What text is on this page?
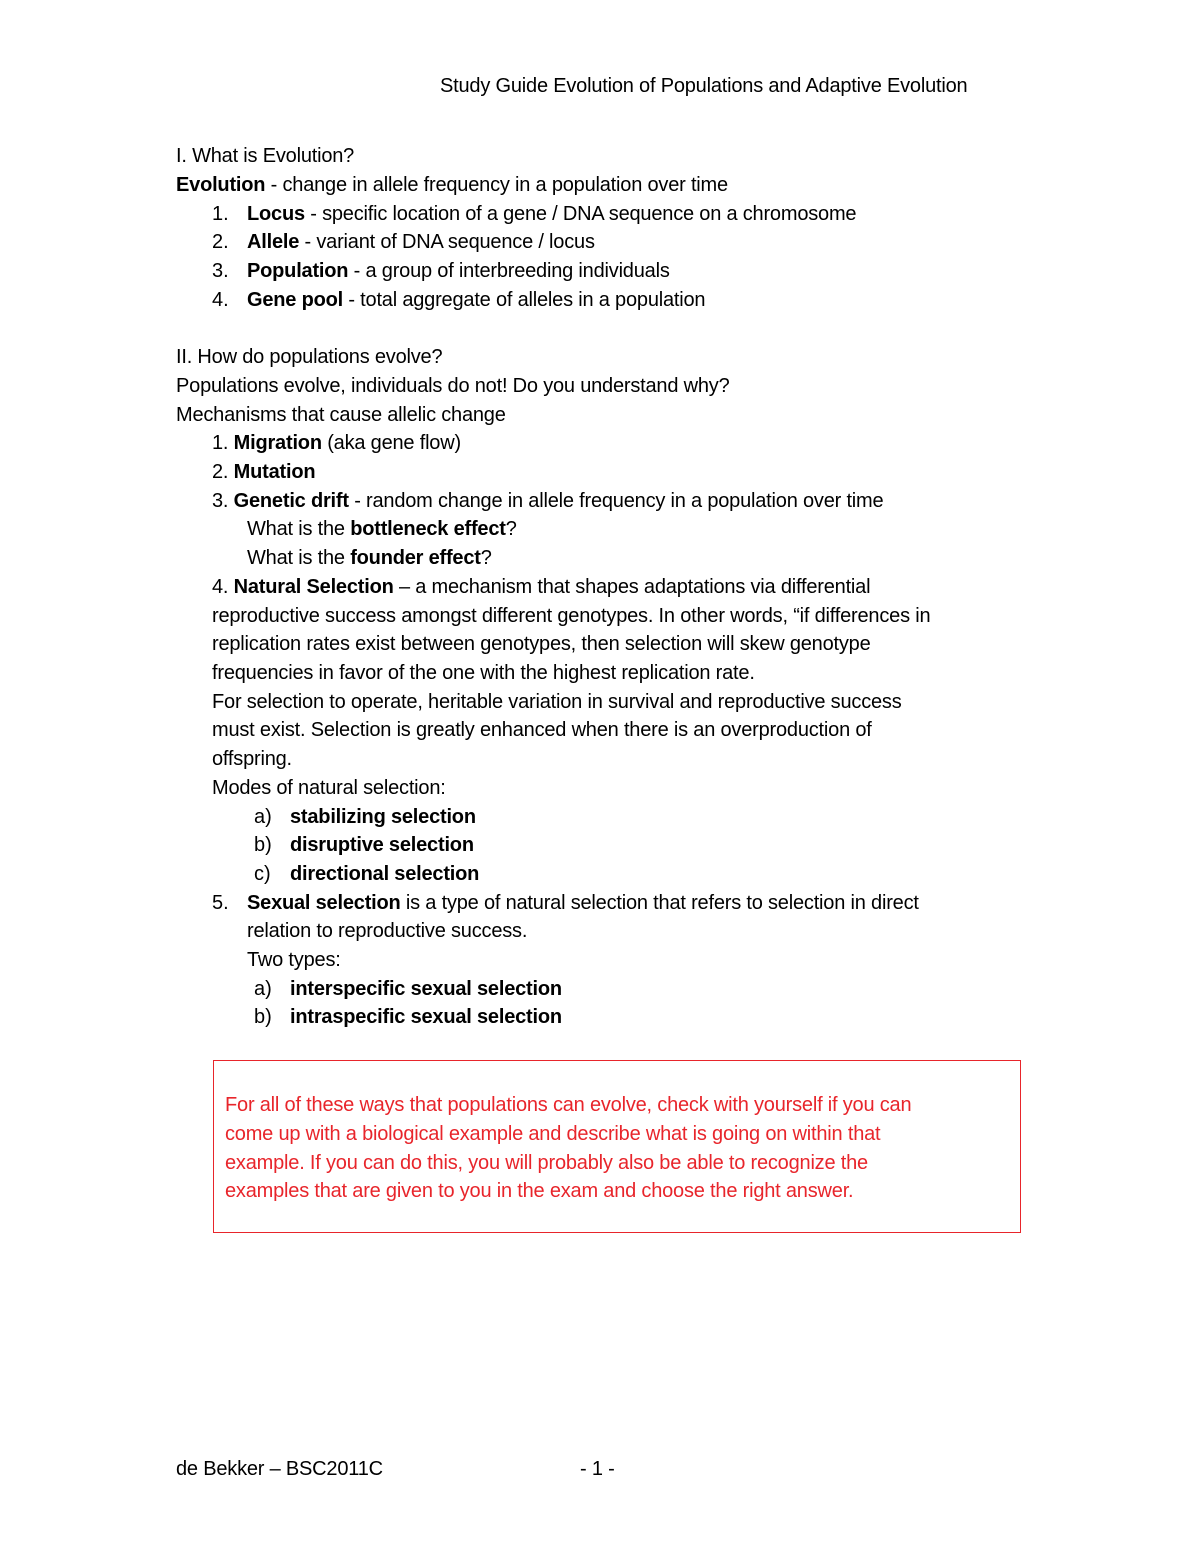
Study Guide Evolution of Populations and Adaptive Evolution
I. What is Evolution?
Evolution - change in allele frequency in a population over time
1. Locus - specific location of a gene / DNA sequence on a chromosome
2. Allele - variant of DNA sequence / locus
3. Population - a group of interbreeding individuals
4. Gene pool - total aggregate of alleles in a population
II. How do populations evolve?
Populations evolve, individuals do not! Do you understand why?
Mechanisms that cause allelic change
1. Migration (aka gene flow)
2. Mutation
3. Genetic drift - random change in allele frequency in a population over time
What is the bottleneck effect?
What is the founder effect?
4. Natural Selection – a mechanism that shapes adaptations via differential
reproductive success amongst different genotypes. In other words, “if differences in
replication rates exist between genotypes, then selection will skew genotype
frequencies in favor of the one with the highest replication rate.
For selection to operate, heritable variation in survival and reproductive success
must exist. Selection is greatly enhanced when there is an overproduction of
offspring.
Modes of natural selection:
a) stabilizing selection
b) disruptive selection
c) directional selection
5. Sexual selection is a type of natural selection that refers to selection in direct
relation to reproductive success.
Two types:
a) interspecific sexual selection
b) intraspecific sexual selection
For all of these ways that populations can evolve, check with yourself if you can
come up with a biological example and describe what is going on within that
example. If you can do this, you will probably also be able to recognize the
examples that are given to you in the exam and choose the right answer.
de Bekker – BSC2011C	- 1 -
